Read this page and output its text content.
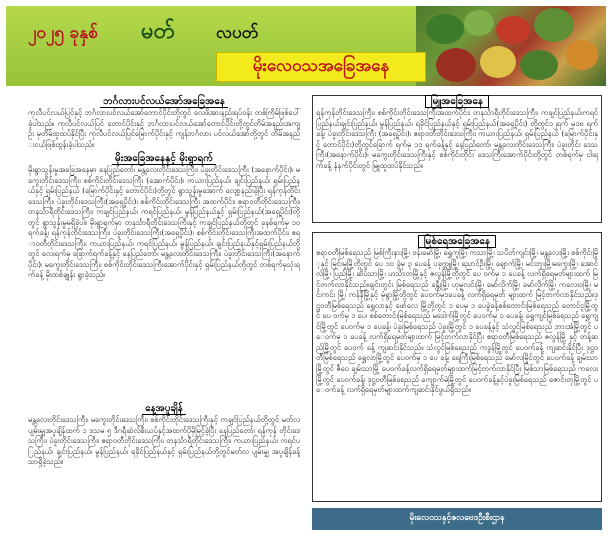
၂၀၂၅ ခုနှစ် မတ် လပတ်
မိုးလေဝသအခြေအနေ
ဘင်္ဂလားပင်လယ်အော်အခြေအနေ
ကုလီပင်လယ်ပြင်နှင့် ဘင်္ဂလားပင်လယ်အော်တောင်ပိုင်းတို့တွင် လေဖိအားနည်းရပ်ဝန်း တစ်ကြိမ်ဖြစ်ပေါ်ခဲ့ပါသည်။ ကုလီပင်လယ်ပြင် တောင်ပိုင်းနှင့် ဘင်္ဂလားပင်လယ်အော်တောင်ပိုင်းတို့တွင်တိမ်အနည်းအကျဉ်း မှတိမ်ထူထပ်နိုင်ပြီး ကုလီပင်လယ်ပြင်မြောက်ပိုင်းနှင့် ကျန်ဘင်္ဂလား ပင်လယ်အော်တို့တွင် တိမ်အနည်းငယ်ဖြစ်ထွန်းခဲ့ပါသည်။
မိုးအခြေအနေနှင့် မိုးရွာရက်
မိုးရွာသွန်းမှုအခြေအနေမှာ နေပြည်တော်၊ မန္တလေးတိုင်းဒေသကြီး၊ ပဲခူးတိုင်းဒေသကြီး (အနောက်ပိုင်း)၊ မကွေးတိုင်းဒေသကြီး၊ စစ်ကိုင်းတိုင်းဒေသကြီး (အောက်ပိုင်း)၊ ကယားပြည်နယ်၊ ချင်းပြည်နယ်၊ ရှမ်းပြည်နယ်နှင့် ရှမ်းပြည်နယ် (မြောက်ပိုင်းနှင့် တောင်ပိုင်း)တို့တွင် ရွာသွန်းမှုအောက် လျော့နည်းခဲ့ပြီး ရန်ကုန်တိုင်းဒေသကြီး၊ ပဲခူးတိုင်းဒေသကြီး(အရှေ့ပိုင်း)၊ စစ်ကိုင်းတိုင်းဒေသကြီး အထက်ပိုင်း၊ ဧရာဝတီတိုင်းဒေသကြီး၊ တနင်္သာရီတိုင်းဒေသကြီး၊ ကချင်ပြည်နယ်၊ ကရင်ပြည်နယ်၊ မွန်ပြည်နယ်နှင့် ရှမ်းပြည်နယ်(အရှေ့ပိုင်း)တို့တွင် ရွာသွန်းမှုမရှိခဲ့ပါ။ မိုးရွာရက်မှာ တနင်္သာရီတိုင်းဒေသကြီးနှင့် ကချင်ပြည်နယ်တို့တွင် ခုနစ်ရက်မှ ၁၀ ရက်ခန့်၊ ရန်ကုန်တိုင်းဒေသကြီး၊ ပဲခူးတိုင်းဒေသကြီး(အရှေ့ပိုင်း)၊ စစ်ကိုင်းတိုင်းဒေသကြီးအထက်ပိုင်း၊ ဧရာဝတီတိုင်းဒေသကြီး၊ ကယားပြည်နယ်၊ ကရင်ပြည်နယ်၊ မွန်ပြည်နယ်၊ ချင်းပြည်နယ်နှင့်ရှမ်းပြည်နယ်တို့တွင် လေးရက်မှ ခြောက်ရက်ခန့်နှင့် နေပြည်တော်၊ မန္တလေးတိုင်းဒေသကြီး၊ ပဲခူးတိုင်းဒေသကြီး(အနောက်ပိုင်း)၊ မကွေးတိုင်းဒေသကြီး၊ စစ်ကိုင်းတိုင်းဒေသကြီးအောက်ပိုင်းနှင့် ရှမ်းပြည်နယ်တို့တွင် တစ်ရက်မှသုံးရက်ခန့် မိုးထစ်ချုန်း ရွာခဲ့သည်။
နေ့အပူချိန်
မန္တလေးတိုင်းဒေသကြီး၊ မကွေးတိုင်းဒေသကြီး၊ စစ်ကိုင်းတိုင်းဒေသကြီးနှင့် ကချင်ပြည်နယ်တို့တွင် မတ်လပျမ်းမျှအပူချိန်ထက် ၁ ဒသမ ၅ ဒီဂရီဆဲလ်စီးယပ်နှင့်အထက်ပိုမိုမြင့်ခဲ့ပြီး နေပြည်တော်၊ ရန်ကုန် တိုင်းဒေသကြီး၊ ပဲခူးတိုင်းဒေသကြီး၊ ဧရာဝတီတိုင်းဒေသကြီး၊ တနင်္သာရီတိုင်းဒေသကြီး၊ ကယားပြည်နယ်၊ ကရင်ပြည်နယ်၊ ချင်းပြည်နယ်၊ မွန်ပြည်နယ်၊ ရခိုင်ပြည်နယ်နှင့် ရှမ်းပြည်နယ်တို့တွင်မတ်လ ပျမ်းမျှ အပူချိန်ခန့်သာရှိခဲ့သည်။
မြူအခြေအနေ
ရန်ကုန်တိုင်းဒေသကြီး၊ စစ်ကိုင်းတိုင်းဒေသကြီးအထက်ပိုင်း၊ တနင်္သာရီတိုင်းဒေသကြီး၊ ကချင်ပြည်နယ်၊ကရင်ပြည်နယ်၊ချင်းပြည်နယ်၊ မွန်ပြည်နယ်၊ ရခိုင်ပြည်နယ်နှင့် ရှမ်းပြည်နယ်(အရှေ့ပိုင်း) တို့တွင်၁၂ရက် မှ၁၈ ရက်ခန့်၊ ပဲခူးတိုင်းဒေသကြီး (အရှေ့ပိုင်း)၊ ဧရာဝတီတိုင်းဒေသကြီး၊ ကယားပြည်နယ်၊ ရှမ်းပြည်နယ် (မြောက်ပိုင်းနှင့် တောင်ပိုင်း)တို့တွင်ခြောက် ရက်မှ ၁၁ ရက်ခန့်နှင့် နေပြည်တော်၊ မန္တလေးတိုင်းဒေသကြီး၊ ပဲခူးတိုင်း ဒေသကြီး(အနောက်ပိုင်း)၊ မကွေးတိုင်းဒေသကြီးနှင့် စစ်ကိုင်းတိုင်း ဒေသကြီးအောက်ပိုင်းတို့တွင် တစ်ရက်မှ ငါးရက်ခန့် နံနက်ပိုင်းတွင် မြူထူထပ်နိုင်သည်။
မြစ်ရေအခြေအနေ
ဧရာဝတီမြစ်ရေသည် မြစ်ကြီးနားမြို့၊ ဗန်းမော်မြို့၊ ရွှေကူမြို့၊ ကသာမြို့၊ သပိတ်ကျင်းမြို့၊ မန္တလေးမြို့၊ စစ်ကိုင်းမြို့နှင့် မြင်းမူမြို့တို့တွင် ပေ ၁၀ ခွဲမှ ၃ ပေခန့် ပခုက္ကူမြို့၊ ညောင်ဦးမြို့၊ ချောက်မြို့၊ မင်းဘူးမြို့၊မကွေးမြို့၊ အောင်လံမြို့၊ ပြည်မြို့၊ ဆိပ်သာမြို့၊ ဟင်္သာတမြို့နှင့် ဇလွန်မြို့တို့တွင် ပေ ဝက်မှ ၁ ပေခန့် လက်ရှိရေမှတ်များထက် မြင့်တက်လာနိုင်သည်။ချင်းတွင်း မြစ်ရေသည် ခန္တီးမြို့၊ ဟုမ္မလင်းမြို့၊ မော်လိုက်မြို့၊ မော်လိုက်မြို့၊ ကလေးဝမြို့၊ မင်းကင်း မြို့၊ ကန်နီမြို့နှင့် မုံရွာမြို့တို့တွင် ပေဝက်မှ၁ပေခန့် လက်ရှိရေမှတ် များထက် မြင့်တက်လာနိုင်သည်။ဒုဋ္ဌဝတီမြစ်ရေသည် ရွှေလာနှင့် ဖော်လေ မြို့တို့တွင် ၁ ပေမှ ၁ ပေခွဲခန့်စစ်တောင်းမြစ်ရေသည် တောင်ငူမြို့တွင် ပေ ဝက်မှ ၁ ပေ၊ စစ်တောင်းမြစ်ရေသည် မဒေါက်မြို့တွင် ပေဝက်မှ ၁ ပေခန့်၊ ရွှေကျင်မြစ်ရေသည် ရွှေကျင်မြို့တွင် ပေဝက်မှ ၁ ပေခန့်၊ ပဲခူးမြစ်ရေသည် ပဲခူးမြို့တွင် ၁ ပေခန့်နှင့် သံလွင်မြစ်ရေသည် ဘားအံမြို့တွင် ပေဝက်မှ ၁ ပေခန့် လက်ရှိရေမှတ်များထက် မြင့်တက်လာနိုင်ပြီး ဧရာဝတီမြစ်ရေသည် ဇလွန်မြို့ နှင့် တန့်ဆည်မြို့တွင် ပေဝက် ခန့် ကျဆင်းနိုင်သည်။ သံလွင်မြစ်ရေသည် ကဒွန်မြို့တွင် ပေဝက်ခန့် ကျဆင်းနိုင်ပြီး ဒုဋ္ဌဝတီမြစ်ရေသည် ရွှေလာမြို့တွင် ပေဝက်မှ ၁ ပေ ခန့်၊ ရေကြီးမြစ်ရေသည် မော်လမြိုင်တွင် ပေဝက်ခန့် ချမ်းသာမြို့တွင် ဇီဝေ ချမ်းသာမြို့ ပေဝက်ခန့်လက်ရှိရေမှတ်များထက်မြင့်တက်လာနိုင်ပြီး မြစ်သာမြစ်ရေသည် ကလေးမြို့တွင် ပေဝက်ခန့်၊ ဒုဋ္ဌဝတီမြစ်ရေသည် ကျောက်မဲမြို့တွင် ပေဝက်ခန့်နှင့်ပဲခူးမြစ်ရေသည် ဇောင်းတုမြို့တွင် ပေဝက်ခန့် လက်ရှိရေမှတ်များထက်ကျဆင်းနိုင်ဖွယ်ရှိသည်။
မိုးလေဝသနှင့်ဇလဗေဒဦးစီးဌာန
